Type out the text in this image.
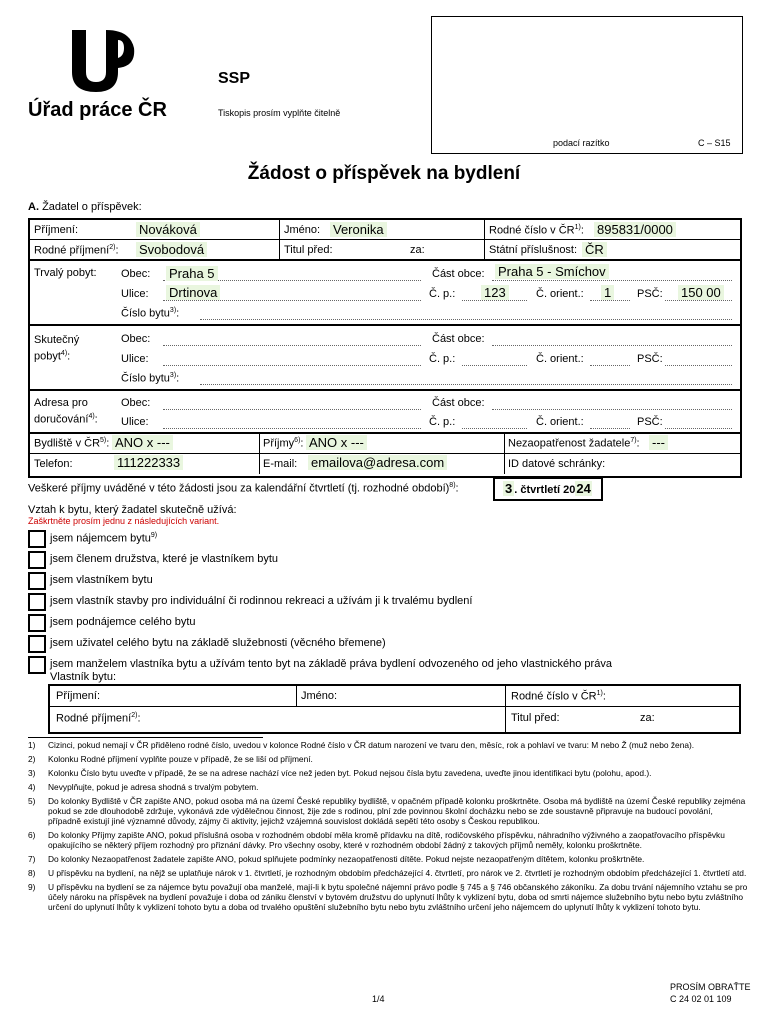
Úřad práce ČR
SSP
Tiskopis prosím vyplňte čitelně
podací razítko	C – S15
Žádost o příspěvek na bydlení
A. Žadatel o příspěvek:
Příjmení:	Nováková	Jméno: Veronika	Rodné číslo v ČR$^{1)}$: 895831/0000
Rodné příjmení$^{2)}$: Svobodová	Titul před:	za:	Státní příslušnost: ČR
Trvalý pobyt: Obec: Praha 5	Část obce: Praha 5 - Smíchov
Ulice: Drtinova	Č. p.: 123	Č. orient.: 1 PSČ: 150 00
Číslo bytu$^{3)}$:
Skutečný pobyt$^{4)}$:
Obec:	Část obce:
Ulice:	Č. p.:	Č. orient.:	PSČ:
Číslo bytu$^{3)}$:
Adresa pro doručování$^{4)}$:
Obec:	Část obce:
Ulice:	Č. p.:	Č. orient.:	PSČ:
Bydliště v ČR$^{5)}$: ANO x ---	Příjmy$^{6)}$: ANO x ---	Nezaopatřenost žadatele$^{7)}$: ---
Telefon:	111222333	E-mail: emailova@adresa.com	ID datové schránky:
Veškeré příjmy uváděné v této žádosti jsou za kalendářní čtvrtletí (tj. rozhodné období)$^{8)}$:	3 . čtvrtletí 2024
Vztah k bytu, který žadatel skutečně užívá:
Zaškrtněte prosím jednu z následujících variant.
jsem nájemcem bytu$^{9)}$
jsem členem družstva, které je vlastníkem bytu
jsem vlastníkem bytu
jsem vlastník stavby pro individuální či rodinnou rekreaci a užívám ji k trvalému bydlení
jsem podnájemce celého bytu
jsem uživatel celého bytu na základě služebnosti (věcného břemene)
jsem manželem vlastníka bytu a užívám tento byt na základě práva bydlení odvozeného od jeho vlastnického práva
Vlastník bytu:
Příjmení:	Jméno:	Rodné číslo v ČR$^{1)}$:
Rodné příjmení$^{2)}$:	Titul před:	za:
1)	Cizinci, pokud nemají v ČR přiděleno rodné číslo, uvedou v kolonce Rodné číslo v ČR datum narození ve tvaru den, měsíc, rok a pohlaví ve tvaru: M nebo Ž (muž nebo žena).
2)	Kolonku Rodné příjmení vyplňte pouze v případě, že se liší od příjmení.
3)	Kolonku Číslo bytu uveďte v případě, že se na adrese nachází více než jeden byt. Pokud nejsou čísla bytu zavedena, uveďte jinou identifikaci bytu (polohu, apod.).
4)	Nevyplňujte, pokud je adresa shodná s trvalým pobytem.
5)	Do kolonky Bydliště v ČR zapište ANO, pokud osoba má na území České republiky bydliště, v opačném případě kolonku proškrtněte. Osoba má bydliště na území České republiky zejména pokud se zde dlouhodobě zdržuje, vykonává zde výdělečnou činnost, žije zde s rodinou, plní zde povinnou školní docházku nebo se zde soustavně připravuje na budoucí povolání, případně existují jiné významné důvody, zájmy či aktivity, jejichž vzájemná souvislost dokládá sepětí této osoby s Českou republikou.
6)	Do kolonky Příjmy zapište ANO, pokud příslušná osoba v rozhodném období měla kromě přídavku na dítě, rodičovského příspěvku, náhradního výživného a zaopatřovacího příspěvku opakujícího se některý příjem rozhodný pro přiznání dávky. Pro všechny osoby, které v rozhodném období žádný z takových příjmů neměly, kolonku proškrtněte.
7)	Do kolonky Nezaopatřenost žadatele zapište ANO, pokud splňujete podmínky nezaopatřenosti dítěte. Pokud nejste nezaopatřeným dítětem, kolonku proškrtněte.
8)	U příspěvku na bydlení, na nějž se uplatňuje nárok v 1. čtvrtletí, je rozhodným obdobím předcházející 4. čtvrtletí, pro nárok ve 2. čtvrtletí je rozhodným obdobím předcházející 1. čtvrtletí atd.
9)	U příspěvku na bydlení se za nájemce bytu považují oba manželé, mají-li k bytu společné nájemní právo podle § 745 a § 746 občanského zákoníku. Za dobu trvání nájemního vztahu se pro účely nároku na příspěvek na bydlení považuje i doba od zániku členství v bytovém družstvu do uplynutí lhůty k vyklizení bytu, doba od smrti nájemce služebního bytu nebo bytu zvláštního určení do uplynutí lhůty k vyklizení tohoto bytu a doba od trvalého opuštění služebního bytu nebo bytu zvláštního určení jeho nájemcem do uplynutí lhůty k vyklizení tohoto bytu.
1/4
PROSÍM OBRAŤTE
C 24 02 01 109
